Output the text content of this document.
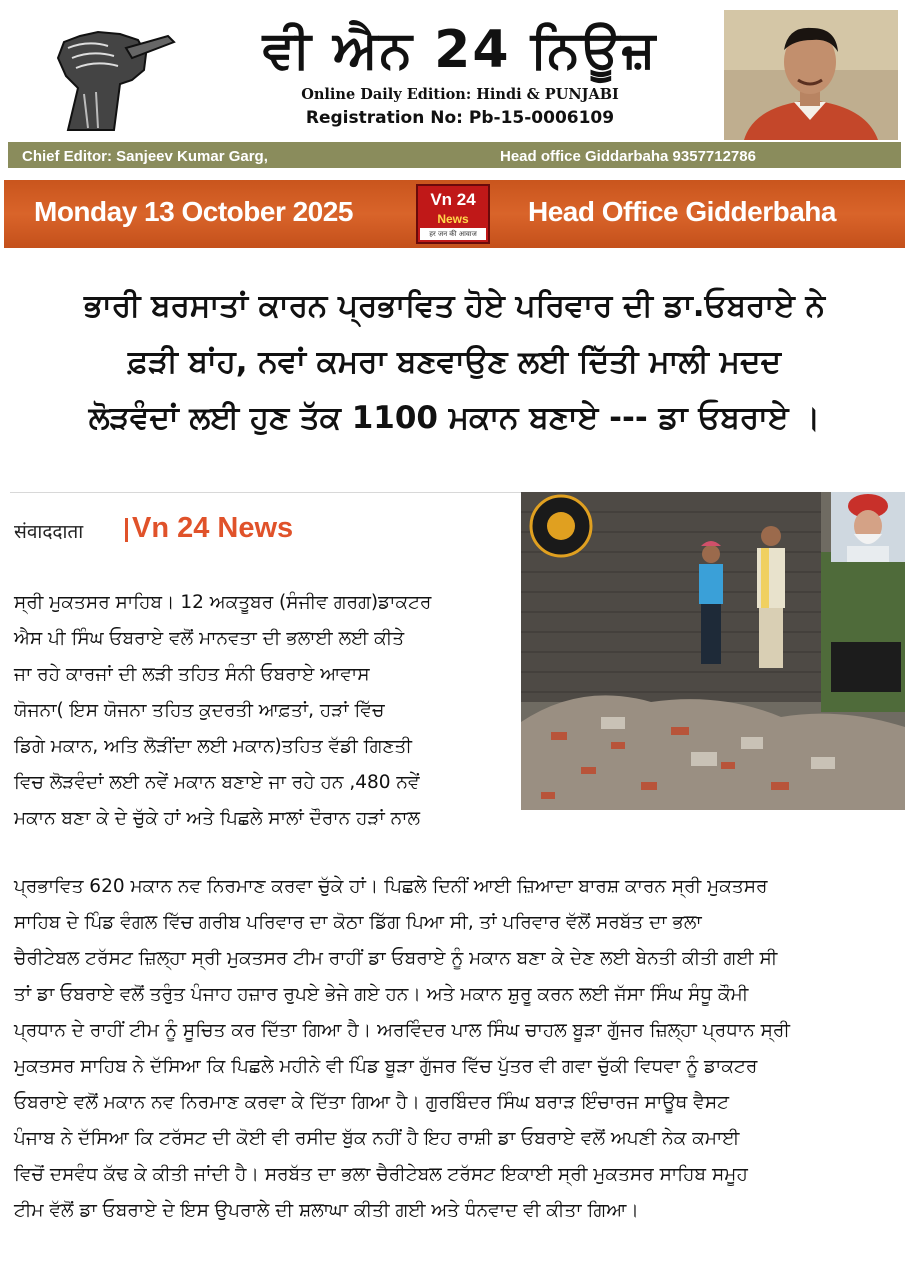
ਵੀ ਐਨ 24 ਨਿਊਜ਼
Online Daily Edition: Hindi & PUNJABI
Registration No: Pb-15-0006109
Chief Editor: Sanjeev Kumar Garg,	Head office Giddarbaha 9357712786
Monday 13 October 2025	Vn 24
News
हर जन की आवाज
Head Office Gidderbaha
ਭਾਰੀ ਬਰਸਾਤਾਂ ਕਾਰਨ ਪ੍ਰਭਾਵਿਤ ਹੋਏ ਪਰਿਵਾਰ ਦੀ ਡਾ.ਓਬਰਾਏ ਨੇ
ਫ਼ੜੀ ਬਾਂਹ, ਨਵਾਂ ਕਮਰਾ ਬਣਵਾਉਣ ਲਈ ਦਿੱਤੀ ਮਾਲੀ ਮਦਦ
ਲੋੜਵੰਦਾਂ ਲਈ ਹੁਣ ਤੱਕ 1100 ਮਕਾਨ ਬਣਾਏ --- ਡਾ ਓਬਰਾਏ ।
संवाददाता Vn 24 News
ਸ੍ਰੀ ਮੁਕਤਸਰ ਸਾਹਿਬ। 12 ਅਕਤੂਬਰ (ਸੰਜੀਵ ਗਰਗ)ਡਾਕਟਰ
ਐਸ ਪੀ ਸਿੰਘ ਓਬਰਾਏ ਵਲੋਂ ਮਾਨਵਤਾ ਦੀ ਭਲਾਈ ਲਈ ਕੀਤੇ
ਜਾ ਰਹੇ ਕਾਰਜਾਂ ਦੀ ਲੜੀ ਤਹਿਤ ਸੰਨੀ ਓਬਰਾਏ ਆਵਾਸ
ਯੋਜਨਾ( ਇਸ ਯੋਜਨਾ ਤਹਿਤ ਕੁਦਰਤੀ ਆਫ਼ਤਾਂ, ਹੜਾਂ ਵਿੱਚ
ਡਿਗੇ ਮਕਾਨ, ਅਤਿ ਲੋੜੀਂਦਾ ਲਈ ਮਕਾਨ)ਤਹਿਤ ਵੱਡੀ ਗਿਣਤੀ
ਵਿਚ ਲੋੜਵੰਦਾਂ ਲਈ ਨਵੇਂ ਮਕਾਨ ਬਣਾਏ ਜਾ ਰਹੇ ਹਨ ,480 ਨਵੇਂ
ਮਕਾਨ ਬਣਾ ਕੇ ਦੇ ਚੁੱਕੇ ਹਾਂ ਅਤੇ ਪਿਛਲੇ ਸਾਲਾਂ ਦੌਰਾਨ ਹੜਾਂ ਨਾਲ
ਪ੍ਰਭਾਵਿਤ 620 ਮਕਾਨ ਨਵ ਨਿਰਮਾਣ ਕਰਵਾ ਚੁੱਕੇ ਹਾਂ। ਪਿਛਲੇ ਦਿਨੀਂ ਆਈ ਜ਼ਿਆਦਾ ਬਾਰਸ਼ ਕਾਰਨ ਸ੍ਰੀ ਮੁਕਤਸਰ
ਸਾਹਿਬ ਦੇ ਪਿੰਡ ਵੰਗਲ ਵਿੱਚ ਗਰੀਬ ਪਰਿਵਾਰ ਦਾ ਕੋਠਾ ਡਿੱਗ ਪਿਆ ਸੀ, ਤਾਂ ਪਰਿਵਾਰ ਵੱਲੋਂ ਸਰਬੱਤ ਦਾ ਭਲਾ
ਚੈਰੀਟੇਬਲ ਟਰੱਸਟ ਜ਼ਿਲ੍ਹਾ ਸ੍ਰੀ ਮੁਕਤਸਰ ਟੀਮ ਰਾਹੀਂ ਡਾ ਓਬਰਾਏ ਨੂੰ ਮਕਾਨ ਬਣਾ ਕੇ ਦੇਣ ਲਈ ਬੇਨਤੀ ਕੀਤੀ ਗਈ ਸੀ
ਤਾਂ ਡਾ ਓਬਰਾਏ ਵਲੋਂ ਤਰੁੰਤ ਪੰਜਾਹ ਹਜ਼ਾਰ ਰੁਪਏ ਭੇਜੇ ਗਏ ਹਨ। ਅਤੇ ਮਕਾਨ ਸ਼ੁਰੂ ਕਰਨ ਲਈ ਜੱਸਾ ਸਿੰਘ ਸੰਧੂ ਕੌਮੀ
ਪ੍ਰਧਾਨ ਦੇ ਰਾਹੀਂ ਟੀਮ ਨੂੰ ਸੂਚਿਤ ਕਰ ਦਿੱਤਾ ਗਿਆ ਹੈ। ਅਰਵਿੰਦਰ ਪਾਲ ਸਿੰਘ ਚਾਹਲ ਬੂੜਾ ਗੁੱਜਰ ਜ਼ਿਲ੍ਹਾ ਪ੍ਰਧਾਨ ਸ੍ਰੀ
ਮੁਕਤਸਰ ਸਾਹਿਬ ਨੇ ਦੱਸਿਆ ਕਿ ਪਿਛਲੇ ਮਹੀਨੇ ਵੀ ਪਿੰਡ ਬੂੜਾ ਗੁੱਜਰ ਵਿੱਚ ਪੁੱਤਰ ਵੀ ਗਵਾ ਚੁੱਕੀ ਵਿਧਵਾ ਨੂੰ ਡਾਕਟਰ
ਓਬਰਾਏ ਵਲੋਂ ਮਕਾਨ ਨਵ ਨਿਰਮਾਣ ਕਰਵਾ ਕੇ ਦਿੱਤਾ ਗਿਆ ਹੈ। ਗੁਰਬਿੰਦਰ ਸਿੰਘ ਬਰਾੜ ਇੰਚਾਰਜ ਸਾਊਥ ਵੈਸਟ
ਪੰਜਾਬ ਨੇ ਦੱਸਿਆ ਕਿ ਟਰੱਸਟ ਦੀ ਕੋਈ ਵੀ ਰਸੀਦ ਬੁੱਕ ਨਹੀਂ ਹੈ ਇਹ ਰਾਸ਼ੀ ਡਾ ਓਬਰਾਏ ਵਲੋਂ ਅਪਣੀ ਨੇਕ ਕਮਾਈ
ਵਿਚੋਂ ਦਸਵੰਧ ਕੱਢ ਕੇ ਕੀਤੀ ਜਾਂਦੀ ਹੈ। ਸਰਬੱਤ ਦਾ ਭਲਾ ਚੈਰੀਟੇਬਲ ਟਰੱਸਟ ਇਕਾਈ ਸ੍ਰੀ ਮੁਕਤਸਰ ਸਾਹਿਬ ਸਮੂਹ
ਟੀਮ ਵੱਲੋਂ ਡਾ ਓਬਰਾਏ ਦੇ ਇਸ ਉਪਰਾਲੇ ਦੀ ਸ਼ਲਾਘਾ ਕੀਤੀ ਗਈ ਅਤੇ ਧੰਨਵਾਦ ਵੀ ਕੀਤਾ ਗਿਆ।
